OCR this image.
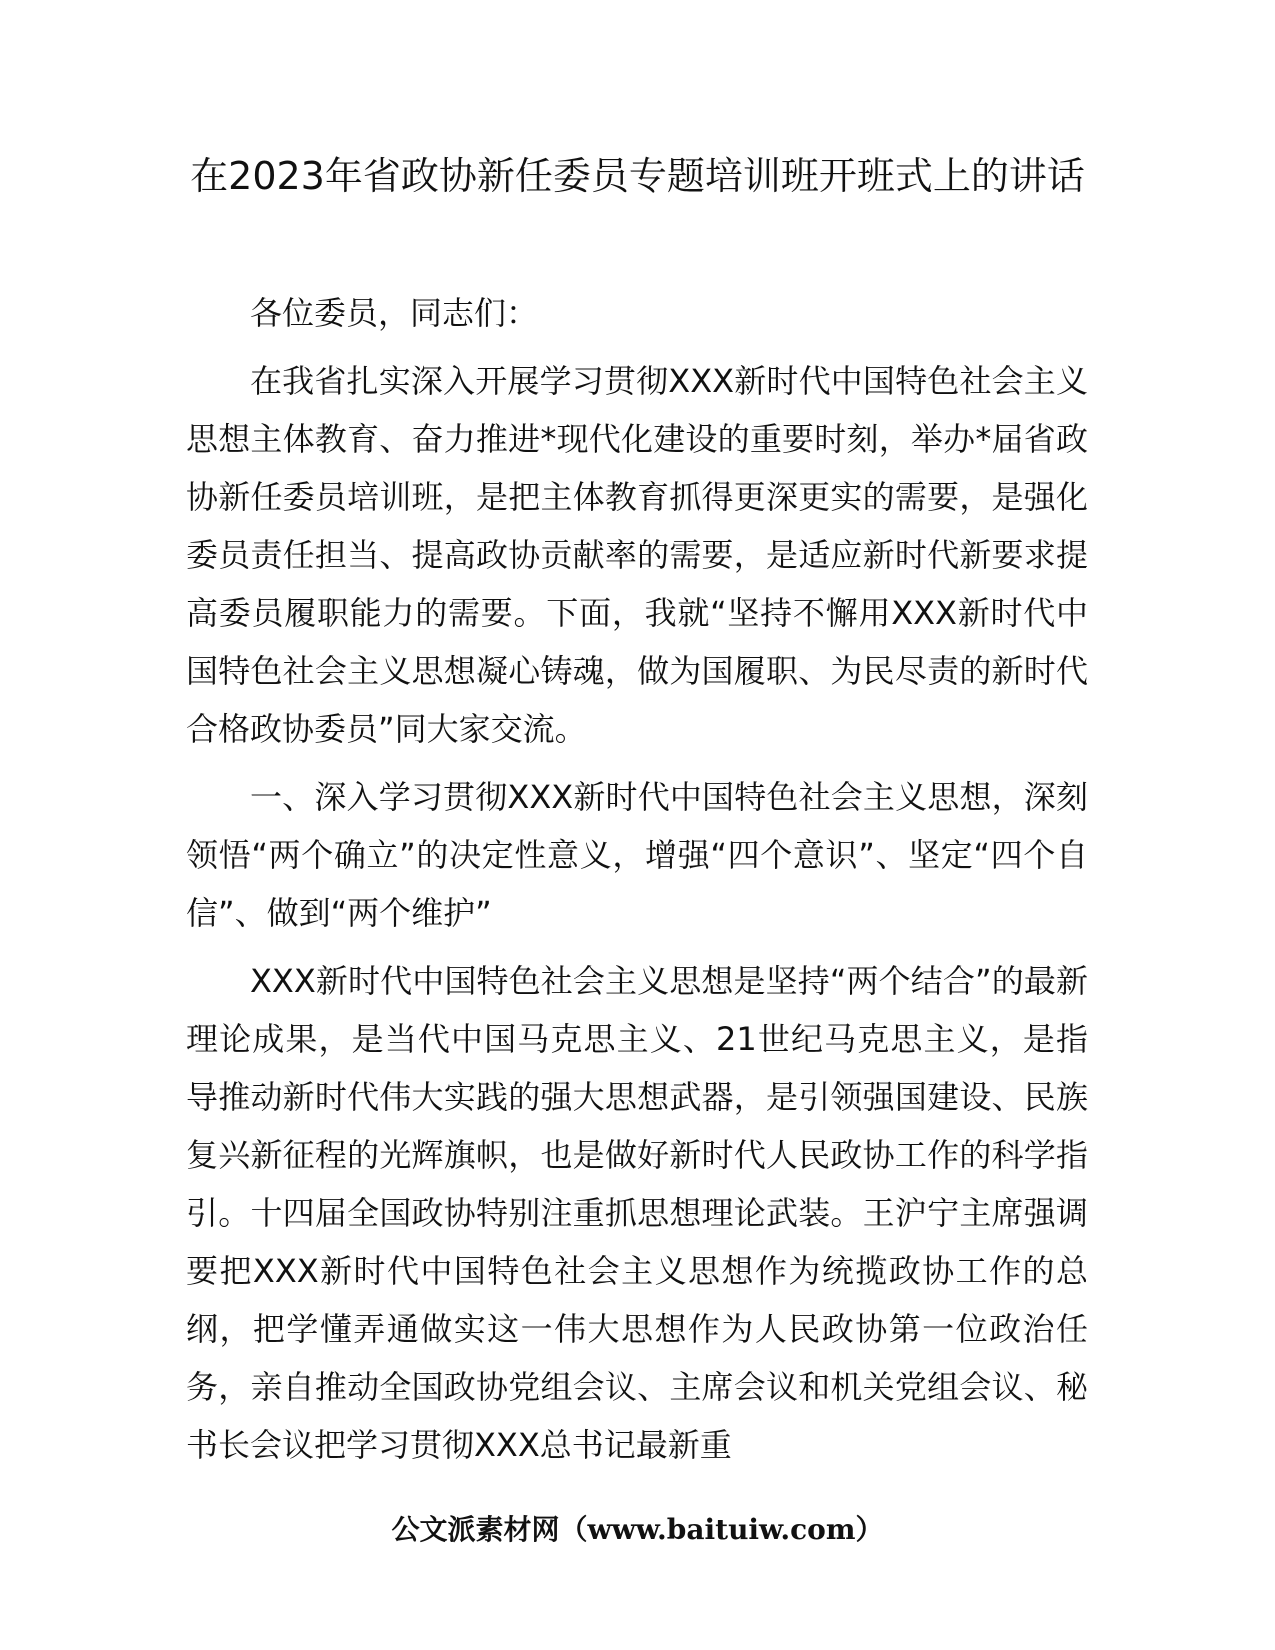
在2023年省政协新任委员专题培训班开班式上的讲话

各位委员，同志们：

在我省扎实深入开展学习贯彻XXX新时代中国特色社会主义思想主体教育、奋力推进*现代化建设的重要时刻，举办*届省政协新任委员培训班，是把主体教育抓得更深更实的需要，是强化委员责任担当、提高政协贡献率的需要，是适应新时代新要求提高委员履职能力的需要。下面，我就“坚持不懈用XXX新时代中国特色社会主义思想凝心铸魂，做为国履职、为民尽责的新时代合格政协委员”同大家交流。

一、深入学习贯彻XXX新时代中国特色社会主义思想，深刻领悟“两个确立”的决定性意义，增强“四个意识”、坚定“四个自信”、做到“两个维护”

XXX新时代中国特色社会主义思想是坚持“两个结合”的最新理论成果，是当代中国马克思主义、21世纪马克思主义，是指导推动新时代伟大实践的强大思想武器，是引领强国建设、民族复兴新征程的光辉旗帜，也是做好新时代人民政协工作的科学指引。十四届全国政协特别注重抓思想理论武装。王沪宁主席强调要把XXX新时代中国特色社会主义思想作为统揽政协工作的总纲，把学懂弄通做实这一伟大思想作为人民政协第一位政治任务，亲自推动全国政协党组会议、主席会议和机关党组会议、秘书长会议把学习贯彻XXX总书记最新重

公文派素材网（www.baituiw.com）
